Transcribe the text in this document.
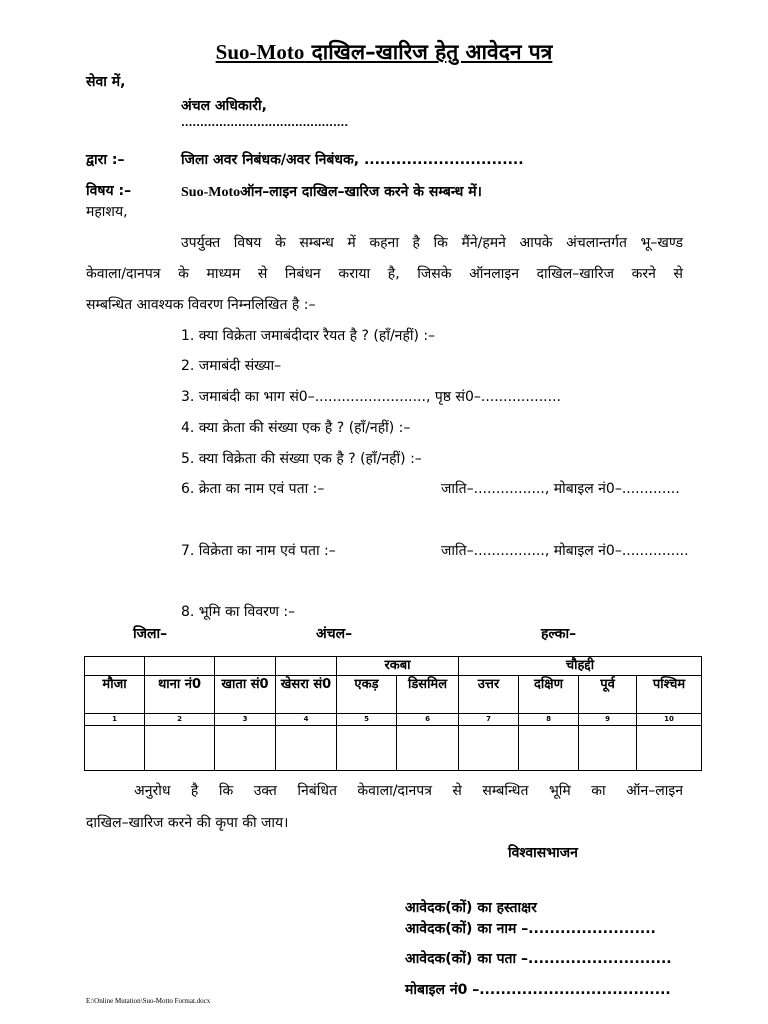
Suo-Moto दाखिल–खारिज हेतु आवेदन पत्र
सेवा में,
अंचल अधिकारी,
............................................
द्वारा :–	जिला अवर निबंधक/अवर निबंधक, ..............................
विषय :–	Suo-Motoऑन–लाइन दाखिल–खारिज करने के सम्बन्ध में।
महाशय,
उपर्युक्त विषय के सम्बन्ध में कहना है कि मैंने/हमने आपके अंचलान्तर्गत भू–खण्ड
केवाला/दानपत्र के माध्यम से निबंधन कराया है, जिसके ऑनलाइन दाखिल–खारिज करने से
सम्बन्धित आवश्यक विवरण निम्नलिखित है :–
1. क्या विक्रेता जमाबंदीदार रैयत है ? (हाँ/नहीं) :–
2. जमाबंदी संख्या–
3. जमाबंदी का भाग सं0–........................., पृष्ठ सं0–..................
4. क्या क्रेता की संख्या एक है ? (हाँ/नहीं) :–
5. क्या विक्रेता की संख्या एक है ? (हाँ/नहीं) :–
6. क्रेता का नाम एवं पता :–	जाति–................, मोबाइल नं0–.............
7. विक्रेता का नाम एवं पता :–	जाति–................, मोबाइल नं0–...............
8. भूमि का विवरण :–
जिला–	अंचल–	हल्का–
				रकबा		चौहद्दी			
मौजा	थाना नं0	खाता सं0	खेसरा सं0	एकड़	डिसमिल	उत्तर	दक्षिण	पूर्व	पश्चिम
1	2	3	4	5	6	7	8	9	10

अनुरोध है कि उक्त निबंधित केवाला/दानपत्र से सम्बन्धित भूमि का ऑन–लाइन
दाखिल–खारिज करने की कृपा की जाय।
विश्वासभाजन
आवेदक(कों) का हस्ताक्षर
आवेदक(कों) का नाम –........................
आवेदक(कों) का पता –...........................
मोबाइल नं0 –....................................
E:\Online Mutation\Suo-Motto Format.docx
